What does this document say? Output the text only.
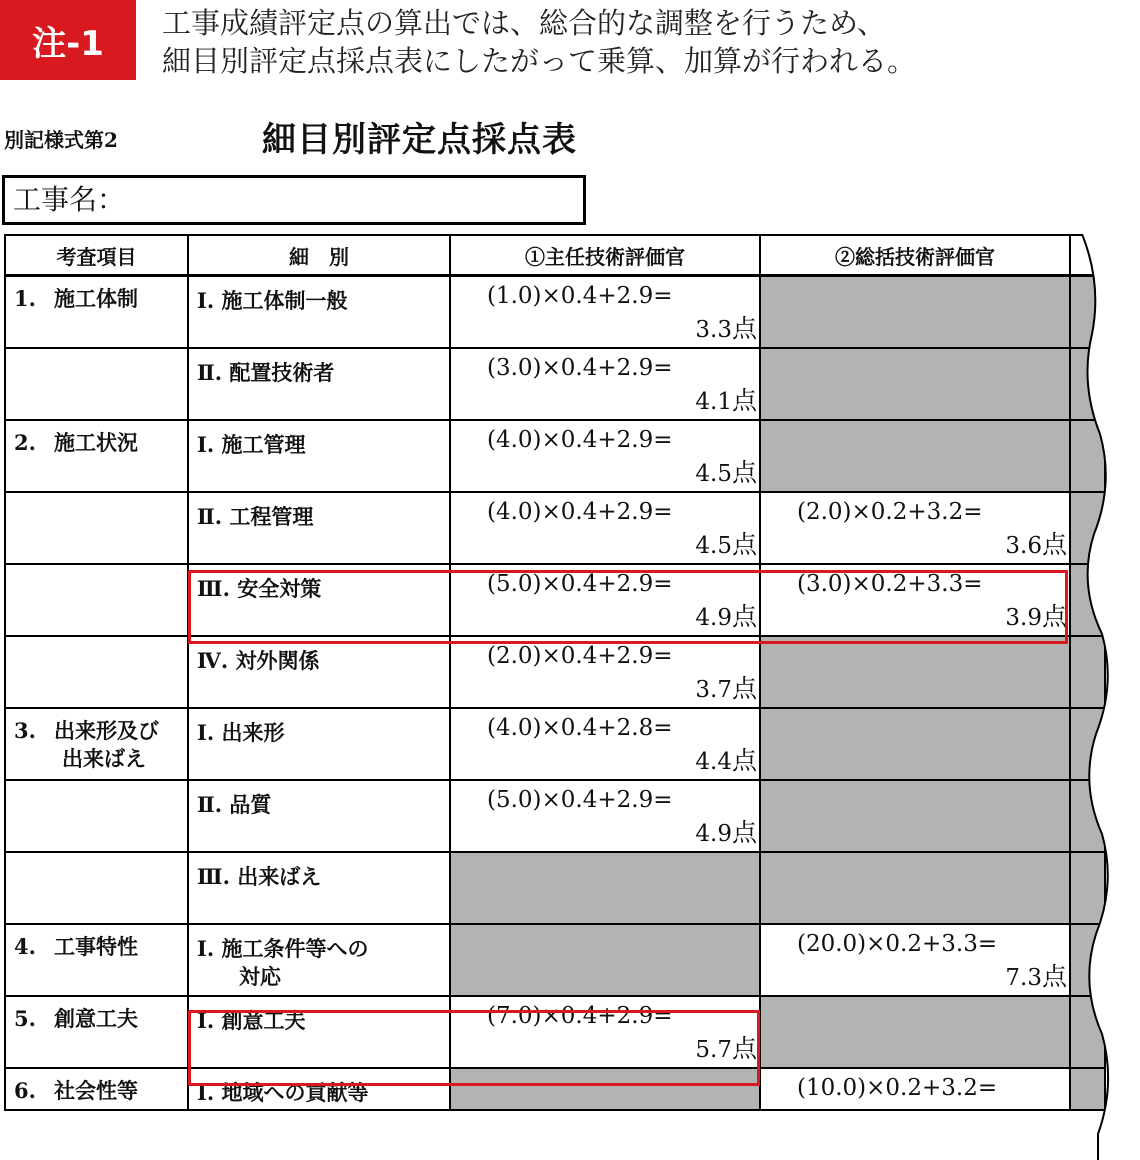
注-1
工事成績評定点の算出では、総合的な調整を行うため、
細目別評定点採点表にしたがって乗算、加算が行われる。
別記様式第2	細目別評定点採点表
工事名：
考査項目	細　別	①主任技術評価官	②総括技術評価官	

1. 施工体制	Ⅰ. 施工体制一般	(1.0)×0.4+2.9=
3.3点		

	Ⅱ. 配置技術者	(3.0)×0.4+2.9=
4.1点		

2. 施工状況	Ⅰ. 施工管理	(4.0)×0.4+2.9=
4.5点		

	Ⅱ. 工程管理	(4.0)×0.4+2.9=
4.5点	(2.0)×0.2+3.2=
3.6点	

	Ⅲ. 安全対策	(5.0)×0.4+2.9=
4.9点	(3.0)×0.2+3.3=
3.9点	

	Ⅳ. 対外関係	(2.0)×0.4+2.9=
3.7点		

3. 出来形及び
出来ばえ	Ⅰ. 出来形	(4.0)×0.4+2.8=
4.4点		

	Ⅱ. 品質	(5.0)×0.4+2.9=
4.9点		

	Ⅲ. 出来ばえ			

4. 工事特性	Ⅰ. 施工条件等への
対応		(20.0)×0.2+3.3=
7.3点	

5. 創意工夫	Ⅰ. 創意工夫	(7.0)×0.4+2.9=
5.7点		

6. 社会性等	Ⅰ. 地域への貢献等		(10.0)×0.2+3.2=	
